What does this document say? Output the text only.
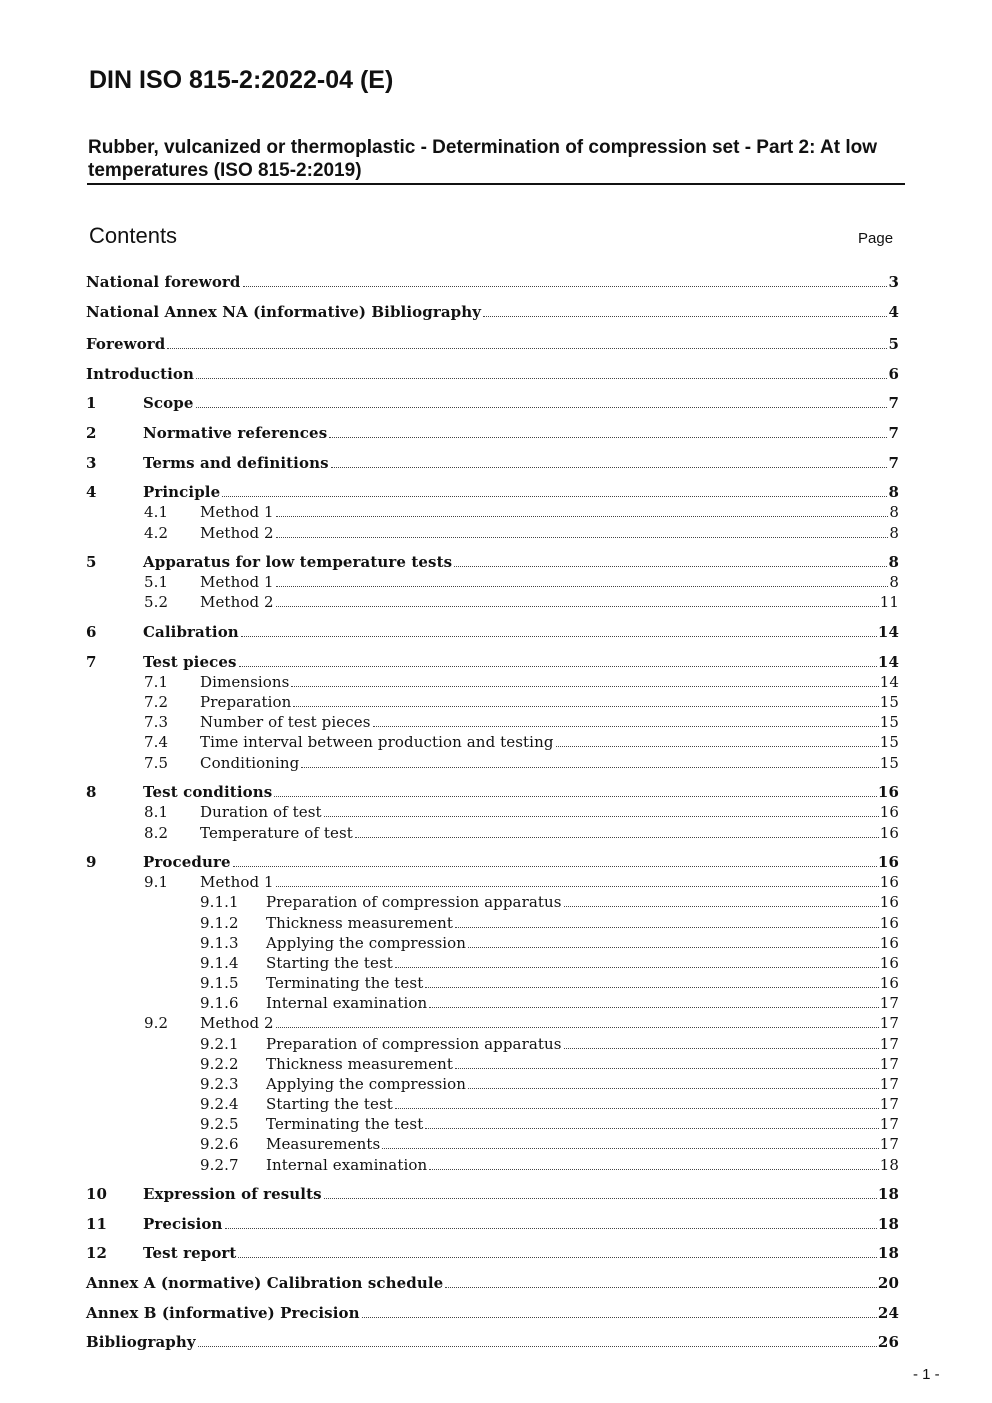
DIN ISO 815-2:2022-04 (E)

Rubber, vulcanized or thermoplastic - Determination of compression set - Part 2: At low temperatures (ISO 815-2:2019)

Contents	Page
National foreword	3
National Annex NA (informative) Bibliography	4
Foreword	5
Introduction	6
1	Scope	7
2	Normative references	7
3	Terms and definitions	7
4	Principle	8
4.1 Method 1	8
4.2 Method 2	8
5	Apparatus for low temperature tests	8
5.1 Method 1	8
5.2 Method 2	11
6	Calibration	14
7	Test pieces	14
7.1 Dimensions	14
7.2 Preparation	15
7.3 Number of test pieces	15
7.4 Time interval between production and testing	15
7.5 Conditioning	15
8	Test conditions	16
8.1 Duration of test	16
8.2 Temperature of test	16
9	Procedure	16
9.1 Method 1	16
9.1.1 Preparation of compression apparatus	16
9.1.2 Thickness measurement	16
9.1.3 Applying the compression	16
9.1.4 Starting the test	16
9.1.5 Terminating the test	16
9.1.6 Internal examination	17
9.2 Method 2	17
9.2.1 Preparation of compression apparatus	17
9.2.2 Thickness measurement	17
9.2.3 Applying the compression	17
9.2.4 Starting the test	17
9.2.5 Terminating the test	17
9.2.6 Measurements	17
9.2.7 Internal examination	18
10 Expression of results	18
11 Precision	18
12 Test report	18
Annex A (normative) Calibration schedule	20
Annex B (informative) Precision	24
Bibliography	26
- 1 -
